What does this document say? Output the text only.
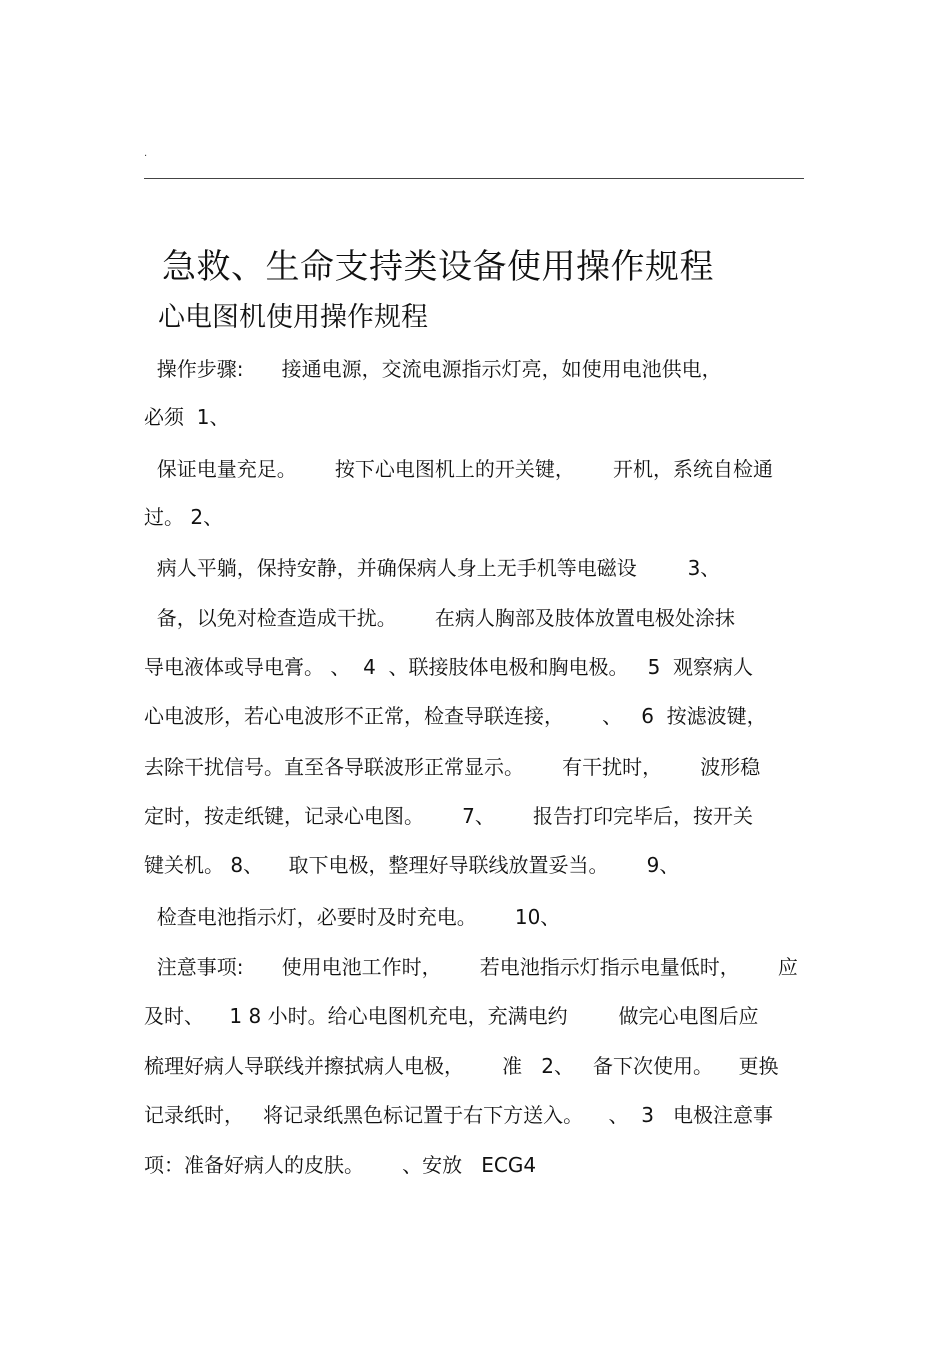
.
急救、生命支持类设备使用操作规程
心电图机使用操作规程

操作步骤:      接通电源，交流电源指示灯亮，如使用电池供电，

必须  1、

保证电量充足。      按下心电图机上的开关键，      开机，系统自检通

过。 2、

病人平躺，保持安静，并确保病人身上无手机等电磁设        3、

备，以免对检查造成干扰。      在病人胸部及肢体放置电极处涂抹

导电液体或导电膏。 、  4  、联接肢体电极和胸电极。   5  观察病人

心电波形，若心电波形不正常，检查导联连接，      、   6  按滤波键，

去除干扰信号。直至各导联波形正常显示。      有干扰时，      波形稳

定时，按走纸键，记录心电图。      7、      报告打印完毕后，按开关

键关机。 8、    取下电极，整理好导联线放置妥当。      9、

检查电池指示灯，必要时及时充电。      10、

注意事项:      使用电池工作时，      若电池指示灯指示电量低时，      应

及时、    1 8 小时。给心电图机充电，充满电约        做完心电图后应

梳理好病人导联线并擦拭病人电极，      准   2、   备下次使用。    更换

记录纸时，   将记录纸黑色标记置于右下方送入。    、  3   电极注意事

项：准备好病人的皮肤。      、安放   ECG4
